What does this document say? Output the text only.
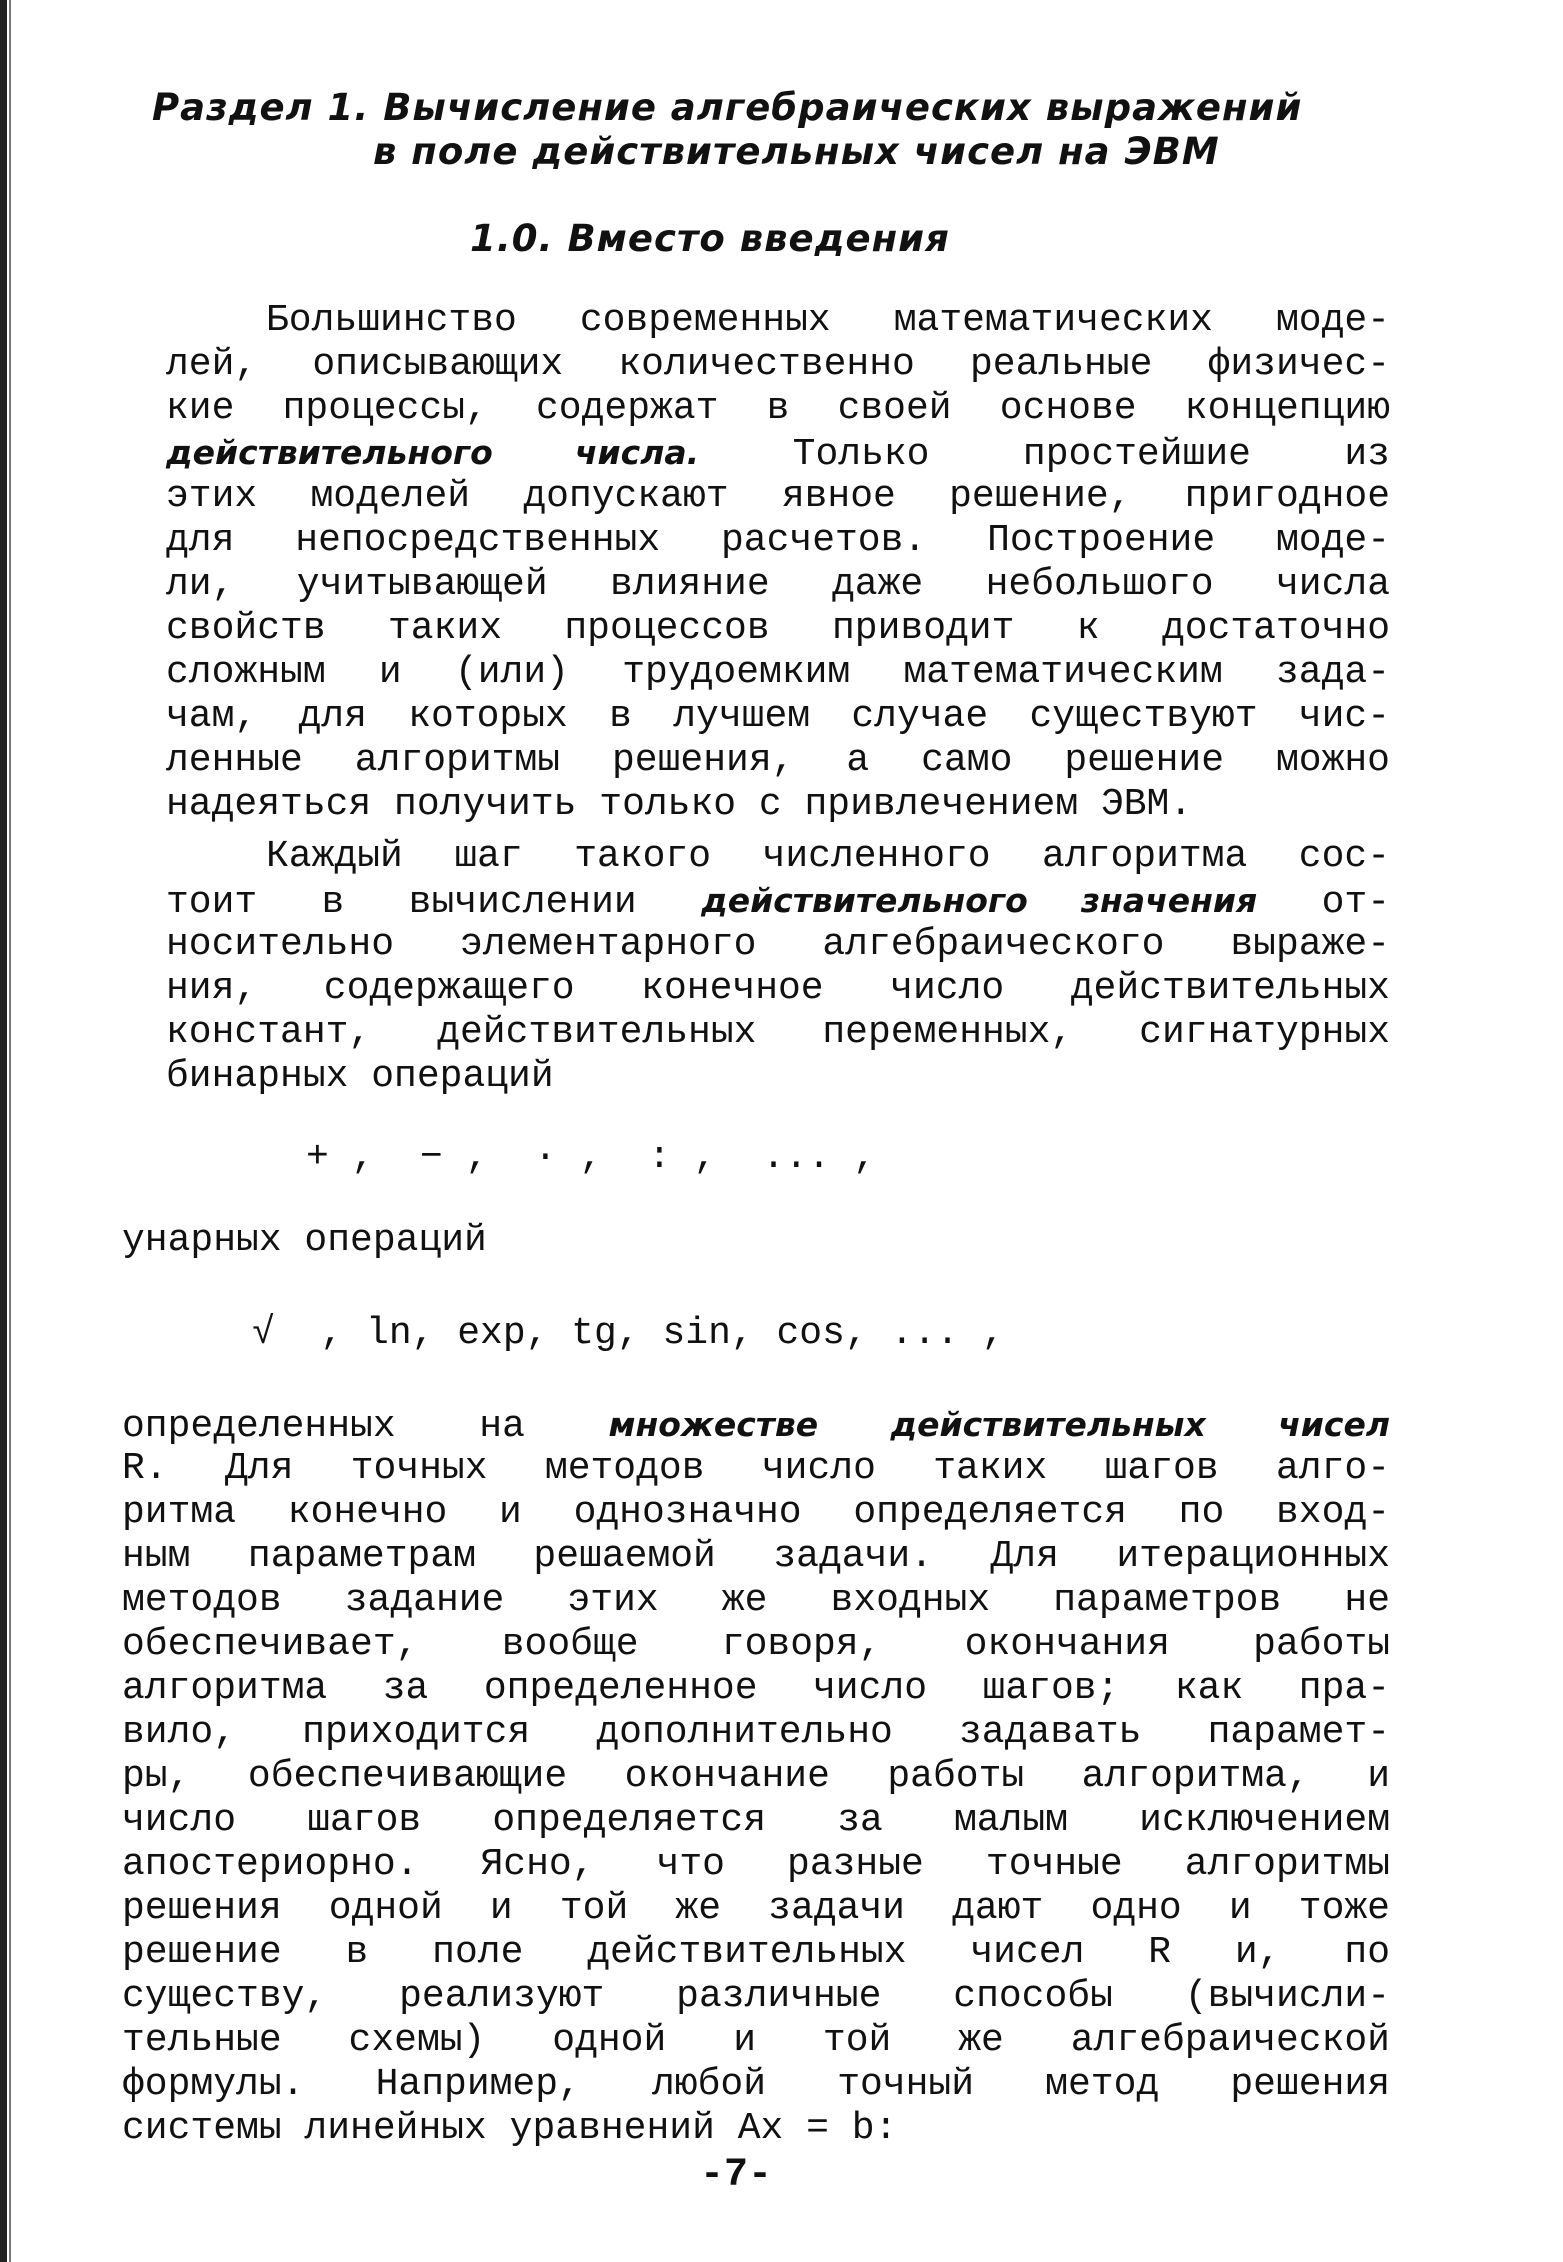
Раздел 1. Вычисление алгебраических выражений
в поле действительных чисел на ЭВМ
1.0. Вместо введения
Большинство современных математических моде-
лей, описывающих количественно реальные физичес-
кие процессы, содержат в своей основе концепцию
действительного числа. Только простейшие из
этих моделей допускают явное решение, пригодное
для непосредственных расчетов. Построение моде-
ли, учитывающей влияние даже небольшого числа
свойств таких процессов приводит к достаточно
сложным и (или) трудоемким математическим зада-
чам, для которых в лучшем случае существуют чис-
ленные алгоритмы решения, а само решение можно
надеяться получить только с привлечением ЭВМ.
Каждый шаг такого численного алгоритма сос-
тоит в вычислении действительного значения от-
носительно элементарного алгебраического выраже-
ния, содержащего конечное число действительных
констант, действительных переменных, сигнатурных
бинарных операций
+ ,  − ,  · ,  : ,  ... ,
унарных операций
√  , ln, exp, tg, sin, cos, ... ,
определенных на множестве действительных чисел
R. Для точных методов число таких шагов алго-
ритма конечно и однозначно определяется по вход-
ным параметрам решаемой задачи. Для итерационных
методов задание этих же входных параметров не
обеспечивает, вообще говоря, окончания работы
алгоритма за определенное число шагов; как пра-
вило, приходится дополнительно задавать парамет-
ры, обеспечивающие окончание работы алгоритма, и
число шагов определяется за малым исключением
апостериорно. Ясно, что разные точные алгоритмы
решения одной и той же задачи дают одно и тоже
решение в поле действительных чисел R и, по
существу, реализуют различные способы (вычисли-
тельные схемы) одной и той же алгебраической
формулы. Например, любой точный метод решения
системы линейных уравнений Ax = b:
-7-
